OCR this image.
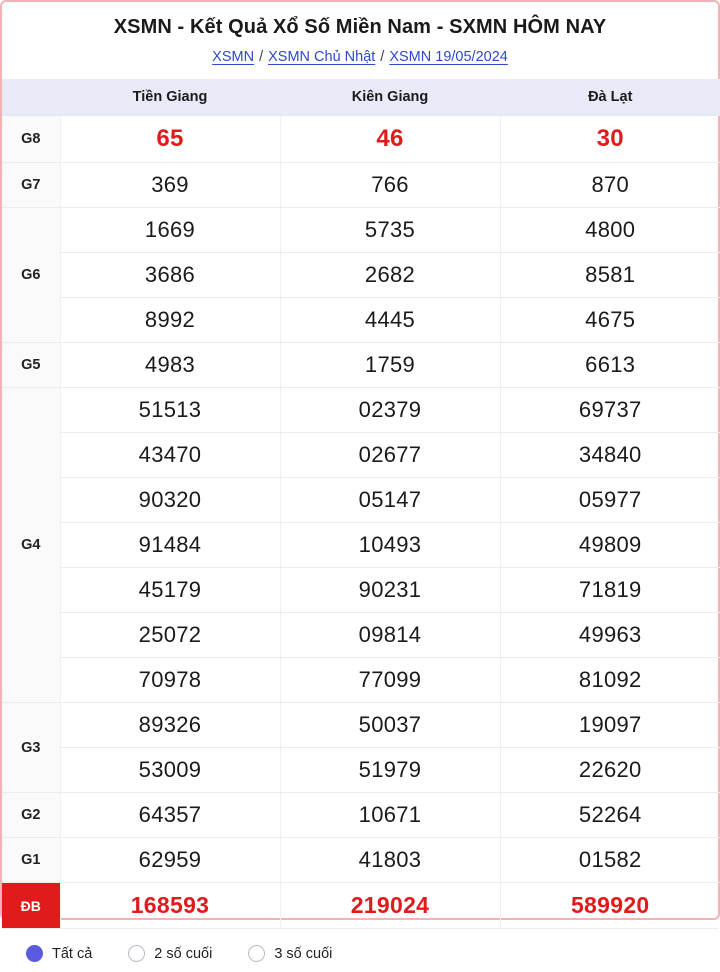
XSMN - Kết Quả Xổ Số Miền Nam - SXMN HÔM NAY
XSMN / XSMN Chủ Nhật / XSMN 19/05/2024
	Tiền Giang	Kiên Giang	Đà Lạt
G8	65	46	30
G7	369	766	870
G6	1669	5735	4800
	3686	2682	8581
	8992	4445	4675
G5	4983	1759	6613
G4	51513	02379	69737
	43470	02677	34840
	90320	05147	05977
	91484	10493	49809
	45179	90231	71819
	25072	09814	49963
	70978	77099	81092
G3	89326	50037	19097
	53009	51979	22620
G2	64357	10671	52264
G1	62959	41803	01582
ĐB	168593	219024	589920
Tất cả	2 số cuối	3 số cuối
